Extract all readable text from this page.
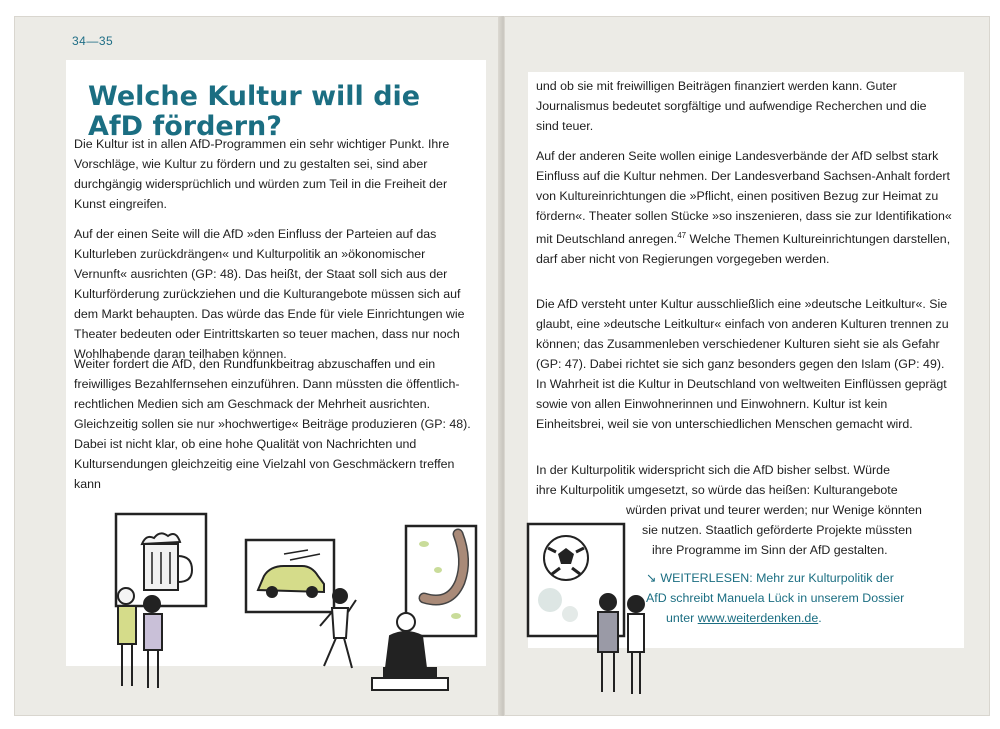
34—35
Welche Kultur will die AfD fördern?

Die Kultur ist in allen AfD-Programmen ein sehr wichtiger Punkt. Ihre Vorschläge, wie Kultur zu fördern und zu gestalten sei, sind aber durchgängig widersprüchlich und würden zum Teil in die Freiheit der Kunst eingreifen.

Auf der einen Seite will die AfD »den Einfluss der Parteien auf das Kulturleben zurückdrängen« und Kulturpolitik an »ökonomischer Vernunft« ausrichten (GP: 48). Das heißt, der Staat soll sich aus der Kulturförderung zurückziehen und die Kulturangebote müssen sich auf dem Markt behaupten. Das würde das Ende für viele Einrichtungen wie Theater bedeuten oder Eintrittskarten so teuer machen, dass nur noch Wohlhabende daran teilhaben können.

Weiter fordert die AfD, den Rundfunkbeitrag abzuschaffen und ein freiwilliges Bezahlfernsehen einzuführen. Dann müssten die öffentlich-rechtlichen Medien sich am Geschmack der Mehrheit ausrichten. Gleichzeitig sollen sie nur »hochwertige« Beiträge produzieren (GP: 48). Dabei ist nicht klar, ob eine hohe Qualität von Nachrichten und Kultursendungen gleichzeitig eine Vielzahl von Geschmäckern treffen kann

und ob sie mit freiwilligen Beiträgen finanziert werden kann. Guter Journalismus bedeutet sorgfältige und aufwendige Recherchen und die sind teuer.

Auf der anderen Seite wollen einige Landesverbände der AfD selbst stark Einfluss auf die Kultur nehmen. Der Landesverband Sachsen-Anhalt fordert von Kultureinrichtungen die »Pflicht, einen positiven Bezug zur Heimat zu fördern«. Theater sollen Stücke »so inszenieren, dass sie zur Identifikation« mit Deutschland anregen.$^{47}$ Welche Themen Kultureinrichtungen darstellen, darf aber nicht von Regierungen vorgegeben werden.

Die AfD versteht unter Kultur ausschließlich eine »deutsche Leitkultur«. Sie glaubt, eine »deutsche Leitkultur« einfach von anderen Kulturen trennen zu können; das Zusammenleben verschiedener Kulturen sieht sie als Gefahr (GP: 47). Dabei richtet sie sich ganz besonders gegen den Islam (GP: 49). In Wahrheit ist die Kultur in Deutschland von weltweiten Einflüssen geprägt sowie von allen Einwohnerinnen und Einwohnern. Kultur ist kein Einheitsbrei, weil sie von unterschiedlichen Menschen gemacht wird.

In der Kulturpolitik widerspricht sich die AfD bisher selbst. Würde
ihre Kulturpolitik umgesetzt, so würde das heißen: Kulturangebote
würden privat und teurer werden; nur Wenige könnten
sie nutzen. Staatlich geförderte Projekte müssten
ihre Programme im Sinn der AfD gestalten.
↘ WEITERLESEN: Mehr zur Kulturpolitik der
AfD schreibt Manuela Lück in unserem Dossier
unter www.weiterdenken.de.
